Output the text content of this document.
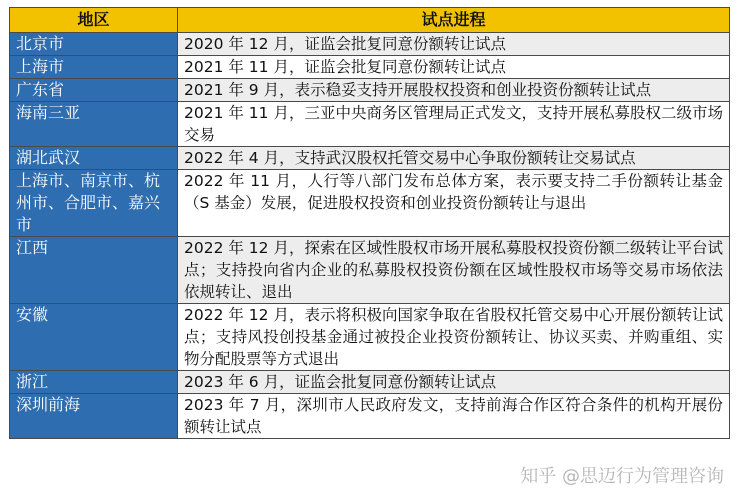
地区	试点进程
北京市	2020 年 12 月，证监会批复同意份额转让试点
上海市	2021 年 11 月，证监会批复同意份额转让试点
广东省	2021 年 9 月，表示稳妥支持开展股权投资和创业投资份额转让试点
海南三亚	2021 年 11 月，三亚中央商务区管理局正式发文，支持开展私募股权二级市场交易
湖北武汉	2022 年 4 月，支持武汉股权托管交易中心争取份额转让交易试点
上海市、南京市、杭州市、合肥市、嘉兴市	2022 年 11 月，人行等八部门发布总体方案，表示要支持二手份额转让基金（S 基金）发展，促进股权投资和创业投资份额转让与退出
江西	2022 年 12 月，探索在区域性股权市场开展私募股权投资份额二级转让平台试点；支持投向省内企业的私募股权投资份额在区域性股权市场等交易市场依法依规转让、退出
安徽	2022 年 12 月，表示将积极向国家争取在省股权托管交易中心开展份额转让试点；支持风投创投基金通过被投企业投资份额转让、协议买卖、并购重组、实物分配股票等方式退出
浙江	2023 年 6 月，证监会批复同意份额转让试点
深圳前海	2023 年 7 月，深圳市人民政府发文，支持前海合作区符合条件的机构开展份额转让试点
知乎 @思迈行为管理咨询
